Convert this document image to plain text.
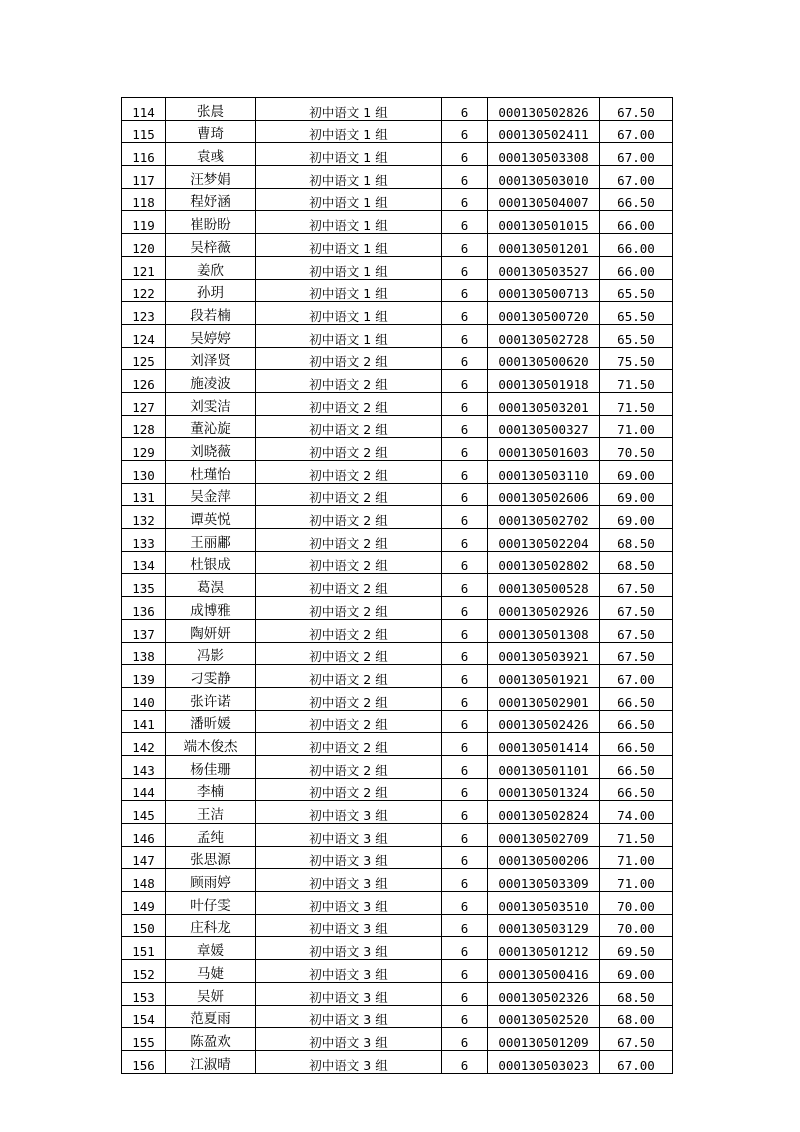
114	张晨	初中语文 1 组	6	000130502826	67.50
115	曹琦	初中语文 1 组	6	000130502411	67.00
116	袁彧	初中语文 1 组	6	000130503308	67.00
117	汪梦娟	初中语文 1 组	6	000130503010	67.00
118	程妤涵	初中语文 1 组	6	000130504007	66.50
119	崔盼盼	初中语文 1 组	6	000130501015	66.00
120	吴梓薇	初中语文 1 组	6	000130501201	66.00
121	姜欣	初中语文 1 组	6	000130503527	66.00
122	孙玥	初中语文 1 组	6	000130500713	65.50
123	段若楠	初中语文 1 组	6	000130500720	65.50
124	吴婷婷	初中语文 1 组	6	000130502728	65.50
125	刘泽贤	初中语文 2 组	6	000130500620	75.50
126	施凌波	初中语文 2 组	6	000130501918	71.50
127	刘雯洁	初中语文 2 组	6	000130503201	71.50
128	董沁旋	初中语文 2 组	6	000130500327	71.00
129	刘晓薇	初中语文 2 组	6	000130501603	70.50
130	杜瑾怡	初中语文 2 组	6	000130503110	69.00
131	吴金萍	初中语文 2 组	6	000130502606	69.00
132	谭英悦	初中语文 2 组	6	000130502702	69.00
133	王丽鄘	初中语文 2 组	6	000130502204	68.50
134	杜银成	初中语文 2 组	6	000130502802	68.50
135	葛淏	初中语文 2 组	6	000130500528	67.50
136	成博雅	初中语文 2 组	6	000130502926	67.50
137	陶妍妍	初中语文 2 组	6	000130501308	67.50
138	冯影	初中语文 2 组	6	000130503921	67.50
139	刁雯静	初中语文 2 组	6	000130501921	67.00
140	张许诺	初中语文 2 组	6	000130502901	66.50
141	潘昕媛	初中语文 2 组	6	000130502426	66.50
142	端木俊杰	初中语文 2 组	6	000130501414	66.50
143	杨佳珊	初中语文 2 组	6	000130501101	66.50
144	李楠	初中语文 2 组	6	000130501324	66.50
145	王洁	初中语文 3 组	6	000130502824	74.00
146	孟纯	初中语文 3 组	6	000130502709	71.50
147	张思源	初中语文 3 组	6	000130500206	71.00
148	顾雨婷	初中语文 3 组	6	000130503309	71.00
149	叶仔雯	初中语文 3 组	6	000130503510	70.00
150	庄科龙	初中语文 3 组	6	000130503129	70.00
151	章媛	初中语文 3 组	6	000130501212	69.50
152	马婕	初中语文 3 组	6	000130500416	69.00
153	吴妍	初中语文 3 组	6	000130502326	68.50
154	范夏雨	初中语文 3 组	6	000130502520	68.00
155	陈盈欢	初中语文 3 组	6	000130501209	67.50
156	江淑晴	初中语文 3 组	6	000130503023	67.00
